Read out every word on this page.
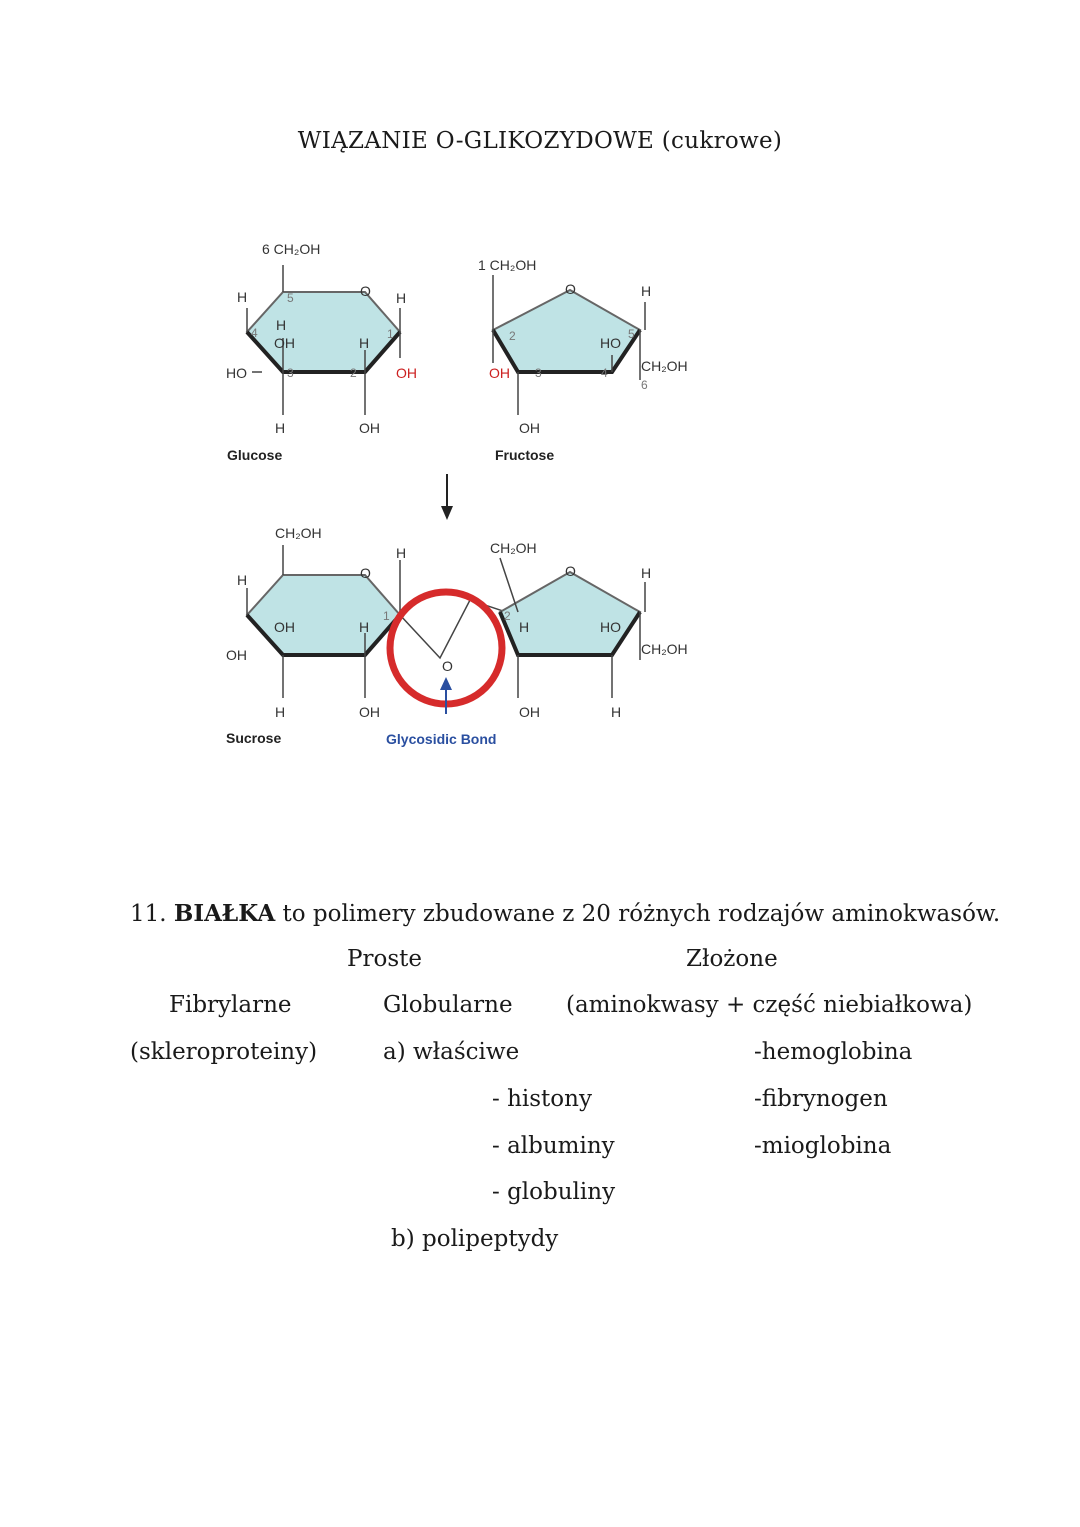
WIĄZANIE O-GLIKOZYDOWE (cukrowe)
6 CH₂OH
H	5
4 H
OH
3
HO
O H
1
H
2	OH
H	OH
Glucose
1 CH₂OH
O	H
2	5
HO
4
OH 3	CH₂OH
6
OH
Fructose
CH₂OH
O
H
H
OH	H
1
OH
H	OH
O
CH₂OH
O	H
2
H	HO
CH₂OH
OH	H
Sucrose	Glycosidic Bond
11. BIAŁKA to polimery zbudowane z 20 różnych rodzajów aminokwasów.
Proste	Złożone
Fibrylarne	Globularne (aminokwasy + część niebiałkowa)
(skleroproteiny)	a) właściwe	-hemoglobina
- histony	-fibrynogen
- albuminy	-mioglobina
- globuliny
b) polipeptydy
